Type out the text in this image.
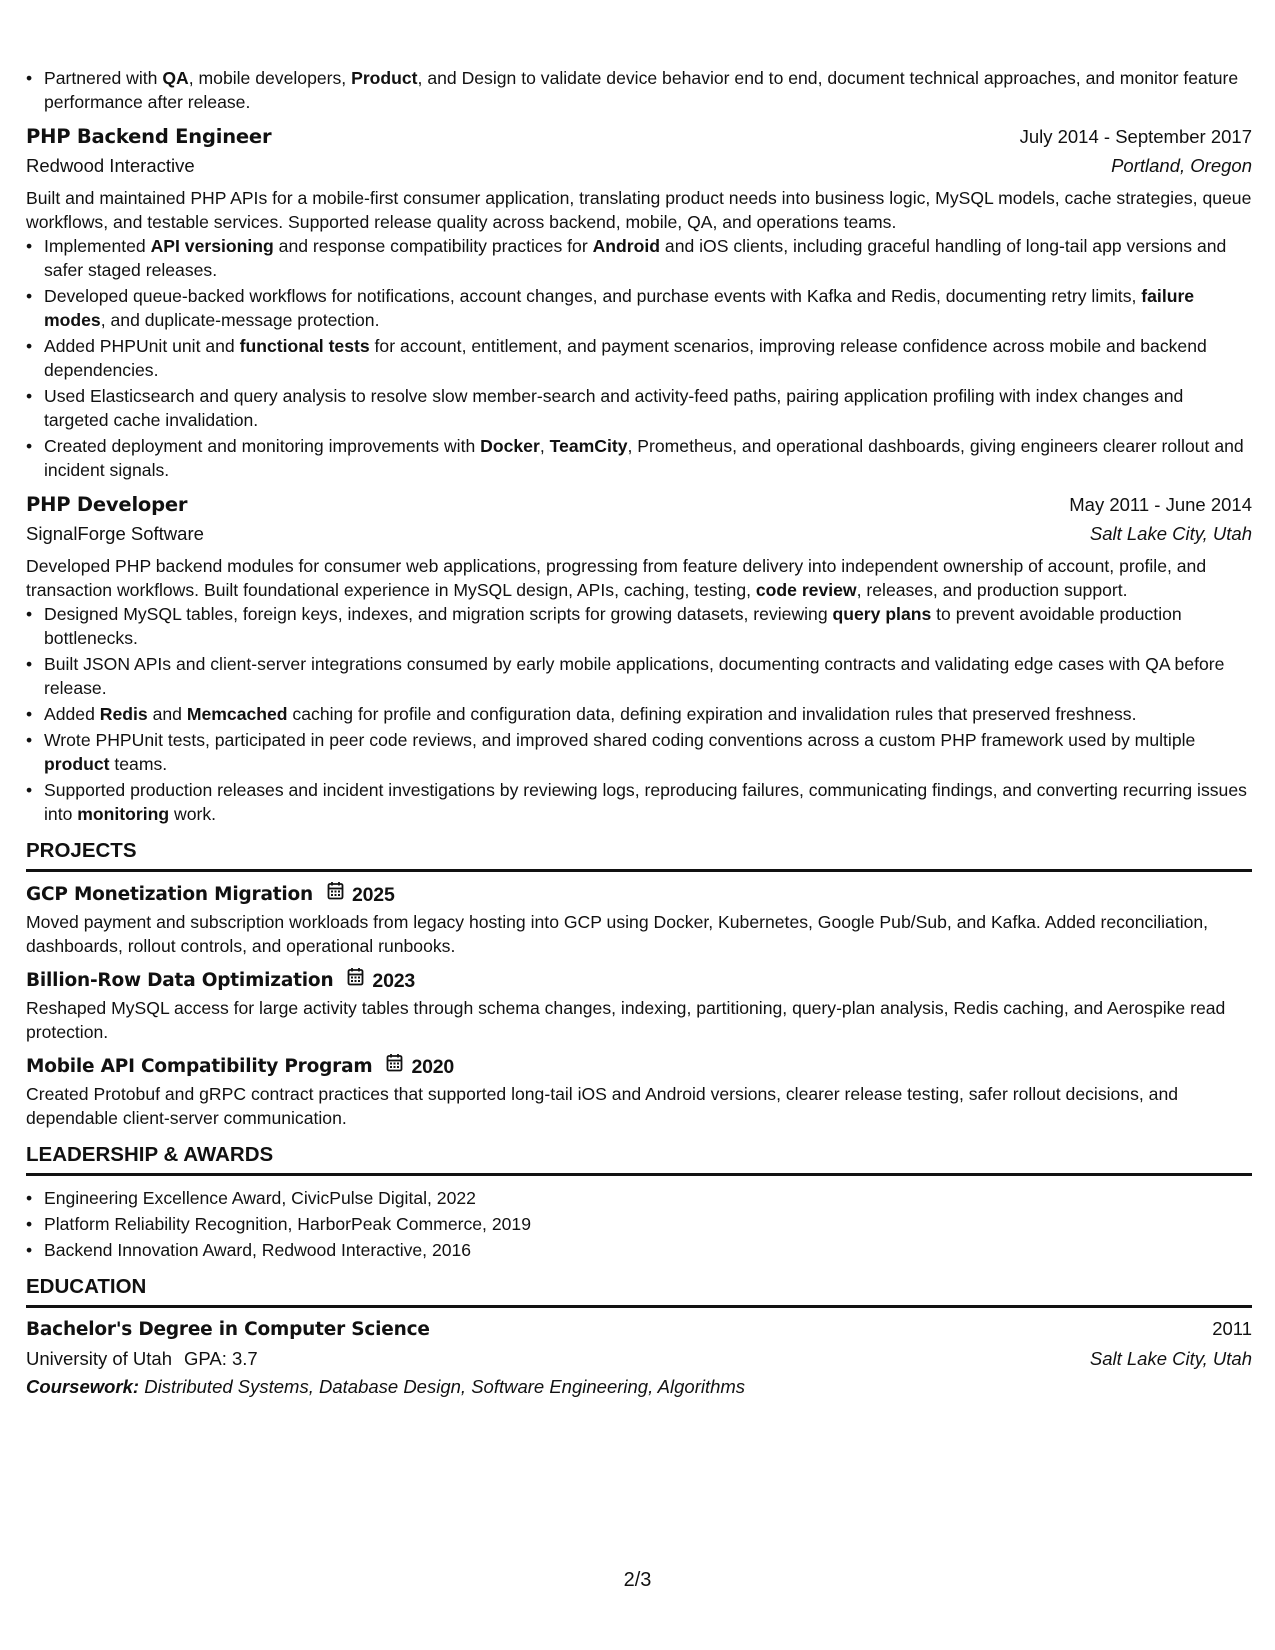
• Partnered with QA, mobile developers, Product, and Design to validate device behavior end to end, document technical approaches, and monitor feature performance after release.
PHP Backend Engineer	July 2014 - September 2017
Redwood Interactive	Portland, Oregon
Built and maintained PHP APIs for a mobile-first consumer application, translating product needs into business logic, MySQL models, cache strategies, queue workflows, and testable services. Supported release quality across backend, mobile, QA, and operations teams.
• Implemented API versioning and response compatibility practices for Android and iOS clients, including graceful handling of long-tail app versions and safer staged releases.
• Developed queue-backed workflows for notifications, account changes, and purchase events with Kafka and Redis, documenting retry limits, failure modes, and duplicate-message protection.
• Added PHPUnit unit and functional tests for account, entitlement, and payment scenarios, improving release confidence across mobile and backend dependencies.
• Used Elasticsearch and query analysis to resolve slow member-search and activity-feed paths, pairing application profiling with index changes and targeted cache invalidation.
• Created deployment and monitoring improvements with Docker, TeamCity, Prometheus, and operational dashboards, giving engineers clearer rollout and incident signals.
PHP Developer	May 2011 - June 2014
SignalForge Software	Salt Lake City, Utah
Developed PHP backend modules for consumer web applications, progressing from feature delivery into independent ownership of account, profile, and transaction workflows. Built foundational experience in MySQL design, APIs, caching, testing, code review, releases, and production support.
• Designed MySQL tables, foreign keys, indexes, and migration scripts for growing datasets, reviewing query plans to prevent avoidable production bottlenecks.
• Built JSON APIs and client-server integrations consumed by early mobile applications, documenting contracts and validating edge cases with QA before release.
• Added Redis and Memcached caching for profile and configuration data, defining expiration and invalidation rules that preserved freshness.
• Wrote PHPUnit tests, participated in peer code reviews, and improved shared coding conventions across a custom PHP framework used by multiple product teams.
• Supported production releases and incident investigations by reviewing logs, reproducing failures, communicating findings, and converting recurring issues into monitoring work.
PROJECTS
GCP Monetization Migration 2025
Moved payment and subscription workloads from legacy hosting into GCP using Docker, Kubernetes, Google Pub/Sub, and Kafka. Added reconciliation, dashboards, rollout controls, and operational runbooks.
Billion-Row Data Optimization 2023
Reshaped MySQL access for large activity tables through schema changes, indexing, partitioning, query-plan analysis, Redis caching, and Aerospike read protection.
Mobile API Compatibility Program 2020
Created Protobuf and gRPC contract practices that supported long-tail iOS and Android versions, clearer release testing, safer rollout decisions, and dependable client-server communication.
LEADERSHIP & AWARDS
• Engineering Excellence Award, CivicPulse Digital, 2022
• Platform Reliability Recognition, HarborPeak Commerce, 2019
• Backend Innovation Award, Redwood Interactive, 2016
EDUCATION
Bachelor's Degree in Computer Science	2011
University of Utah GPA: 3.7	Salt Lake City, Utah
Coursework: Distributed Systems, Database Design, Software Engineering, Algorithms
2/3
